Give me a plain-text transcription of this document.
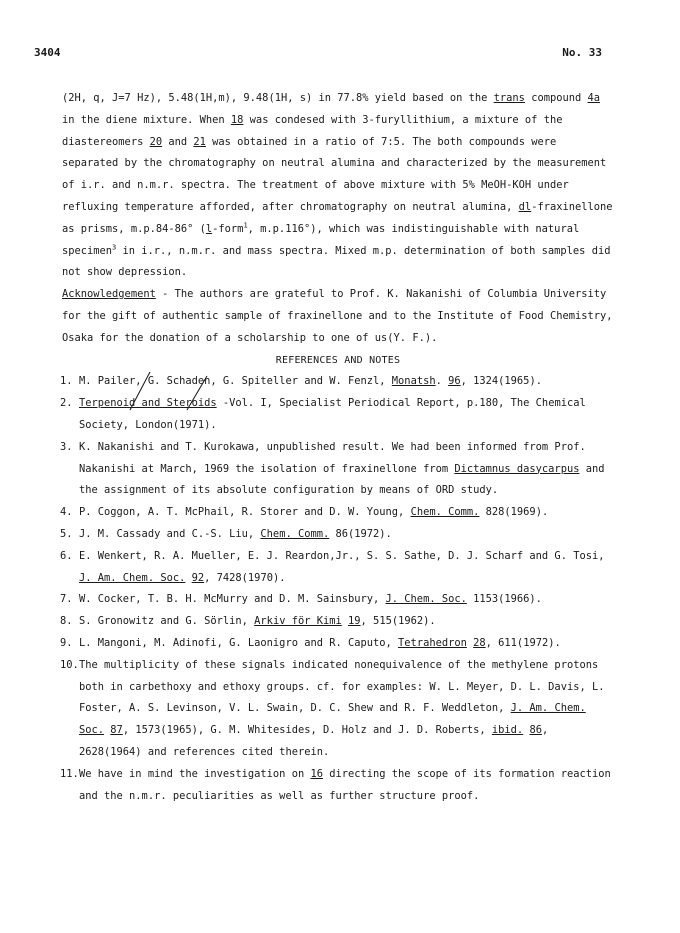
3404	No. 33

(2H, q, J=7 Hz), 5.48(1H,m), 9.48(1H, s) in 77.8% yield based on the trans compound 4a in the diene mixture. When 18 was condesed with 3-furyllithium, a mixture of the diastereomers 20 and 21 was obtained in a ratio of 7:5. The both compounds were separated by the chromatography on neutral alumina and characterized by the measurement of i.r. and n.m.r. spectra. The treatment of above mixture with 5% MeOH-KOH under refluxing temperature afforded, after chromatography on neutral alumina, dl-fraxinellone as prisms, m.p.84-86° (l-form$^1$, m.p.116°), which was indistinguishable with natural specimen$^3$ in i.r., n.m.r. and mass spectra. Mixed m.p. determination of both samples did not show depression.

Acknowledgement - The authors are grateful to Prof. K. Nakanishi of Columbia University for the gift of authentic sample of fraxinellone and to the Institute of Food Chemistry, Osaka for the donation of a scholarship to one of us(Y. F.).

REFERENCES AND NOTES

1. M. Pailer, G. Schaden, G. Spiteller and W. Fenzl, Monatsh. 96, 1324(1965).

2. Terpenoid and Steroids -Vol. I, Specialist Periodical Report, p.180, The Chemical Society, London(1971).

3. K. Nakanishi and T. Kurokawa, unpublished result. We had been informed from Prof. Nakanishi at March, 1969 the isolation of fraxinellone from Dictamnus dasycarpus and the assignment of its absolute configuration by means of ORD study.

4. P. Coggon, A. T. McPhail, R. Storer and D. W. Young, Chem. Comm. 828(1969).

5. J. M. Cassady and C.-S. Liu, Chem. Comm. 86(1972).

6. E. Wenkert, R. A. Mueller, E. J. Reardon,Jr., S. S. Sathe, D. J. Scharf and G. Tosi, J. Am. Chem. Soc. 92, 7428(1970).

7. W. Cocker, T. B. H. McMurry and D. M. Sainsbury, J. Chem. Soc. 1153(1966).

8. S. Gronowitz and G. Sörlin, Arkiv för Kimi 19, 515(1962).

9. L. Mangoni, M. Adinofi, G. Laonigro and R. Caputo, Tetrahedron 28, 611(1972).

10. The multiplicity of these signals indicated nonequivalence of the methylene protons both in carbethoxy and ethoxy groups. cf. for examples: W. L. Meyer, D. L. Davis, L. Foster, A. S. Levinson, V. L. Swain, D. C. Shew and R. F. Weddleton, J. Am. Chem. Soc. 87, 1573(1965), G. M. Whitesides, D. Holz and J. D. Roberts, ibid. 86, 2628(1964) and references cited therein.

11. We have in mind the investigation on 16 directing the scope of its formation reaction and the n.m.r. peculiarities as well as further structure proof.
